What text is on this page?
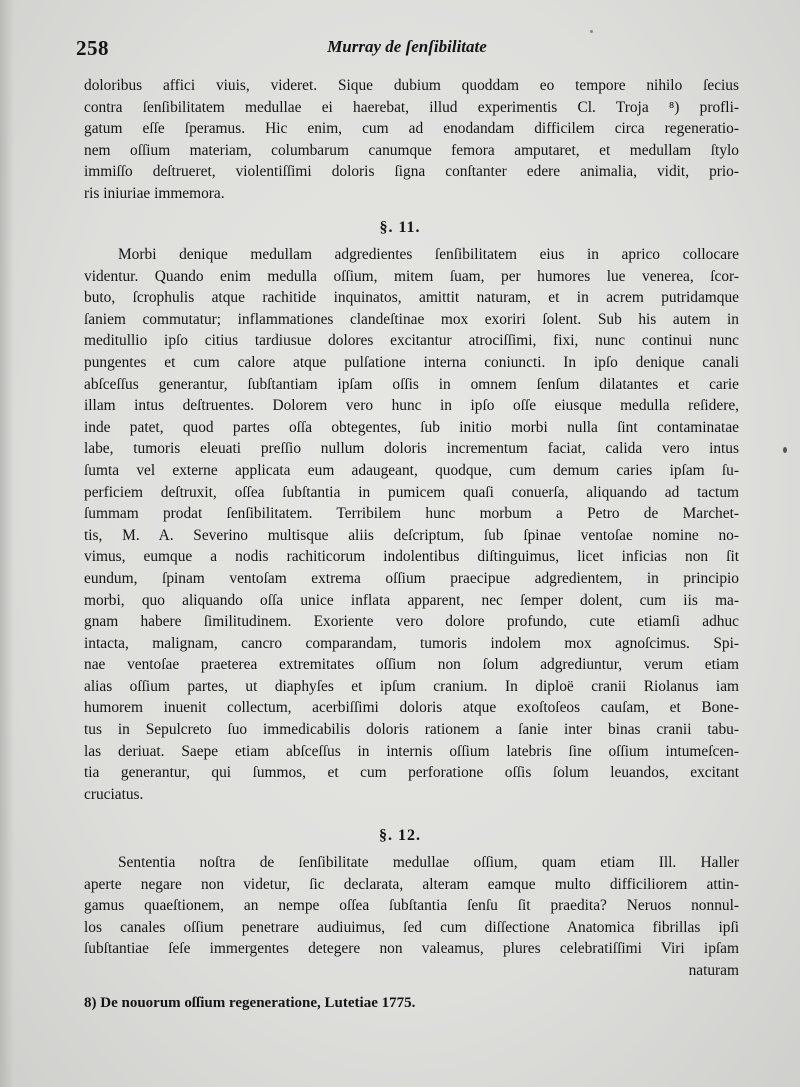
258	Murray de ſenſibilitate
doloribus affici viuis, videret. Sique dubium quoddam eo tempore nihilo ſecius
contra ſenſibilitatem medullae ei haerebat, illud experimentis Cl. Troja ⁸) profli-
gatum eſſe ſperamus. Hic enim, cum ad enodandam difficilem circa regeneratio-
nem oſſium materiam, columbarum canumque femora amputaret, et medullam ſtylo
immiſſo deſtrueret, violentiſſimi doloris ſigna conſtanter edere animalia, vidit, prio-
ris iniuriae immemora.
§. 11.
Morbi denique medullam adgredientes ſenſibilitatem eius in aprico collocare
videntur. Quando enim medulla oſſium, mitem ſuam, per humores lue venerea, ſcor-
buto, ſcrophulis atque rachitide inquinatos, amittit naturam, et in acrem putridamque
ſaniem commutatur; inflammationes clandeſtinae mox exoriri ſolent. Sub his autem in
meditullio ipſo citius tardiusue dolores excitantur atrociſſimi, fixi, nunc continui nunc
pungentes et cum calore atque pulſatione interna coniuncti. In ipſo denique canali
abſceſſus generantur, ſubſtantiam ipſam oſſis in omnem ſenſum dilatantes et carie
illam intus deſtruentes. Dolorem vero hunc in ipſo oſſe eiusque medulla reſidere,
inde patet, quod partes oſſa obtegentes, ſub initio morbi nulla ſint contaminatae
labe, tumoris eleuati preſſio nullum doloris incrementum faciat, calida vero intus
ſumta vel externe applicata eum adaugeant, quodque, cum demum caries ipſam ſu-
perficiem deſtruxit, oſſea ſubſtantia in pumicem quaſi conuerſa, aliquando ad tactum
ſummam prodat ſenſibilitatem. Terribilem hunc morbum a Petro de Marchet-
tis, M. A. Severino multisque aliis deſcriptum, ſub ſpinae ventoſae nomine no-
vimus, eumque a nodis rachiticorum indolentibus diſtinguimus, licet inficias non ſit
eundum, ſpinam ventoſam extrema oſſium praecipue adgredientem, in principio
morbi, quo aliquando oſſa unice inflata apparent, nec ſemper dolent, cum iis ma-
gnam habere ſimilitudinem. Exoriente vero dolore profundo, cute etiamſi adhuc
intacta, malignam, cancro comparandam, tumoris indolem mox agnoſcimus. Spi-
nae ventoſae praeterea extremitates oſſium non ſolum adgrediuntur, verum etiam
alias oſſium partes, ut diaphyſes et ipſum cranium. In diploë cranii Riolanus iam
humorem inuenit collectum, acerbiſſimi doloris atque exoſtoſeos cauſam, et Bone-
tus in Sepulcreto ſuo immedicabilis doloris rationem a ſanie inter binas cranii tabu-
las deriuat. Saepe etiam abſceſſus in internis oſſium latebris ſine oſſium intumeſcen-
tia generantur, qui ſummos, et cum perforatione oſſis ſolum leuandos, excitant
cruciatus.
§. 12.
Sententia noſtra de ſenſibilitate medullae oſſium, quam etiam Ill. Haller
aperte negare non videtur, ſic declarata, alteram eamque multo difficiliorem attin-
gamus quaeſtionem, an nempe oſſea ſubſtantia ſenſu ſit praedita? Neruos nonnul-
los canales oſſium penetrare audiuimus, ſed cum diſſectione Anatomica fibrillas ipſi
ſubſtantiae ſeſe immergentes detegere non valeamus, plures celebratiſſimi Viri ipſam
naturam
8) De nouorum oſſium regeneratione, Lutetiae 1775.
